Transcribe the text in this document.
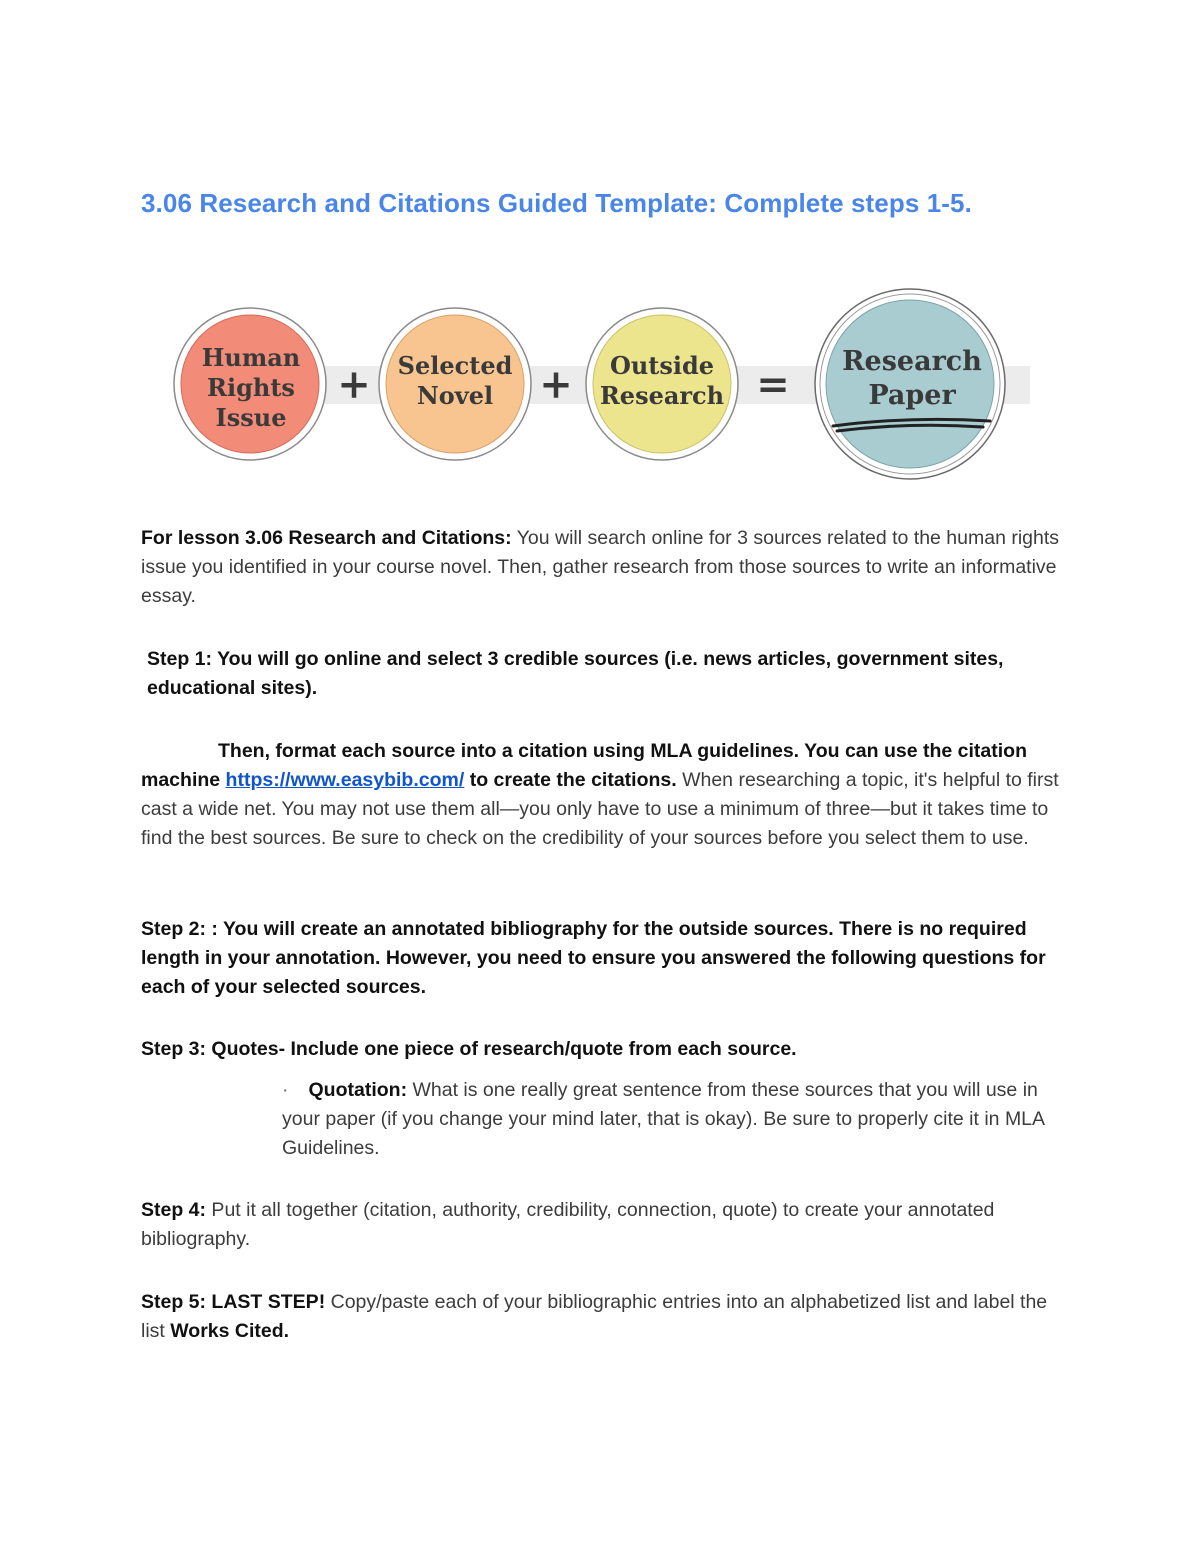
3.06 Research and Citations Guided Template: Complete steps 1-5.
Human
Rights
Issue
+ Selected
Novel + Outside
Research = Research
Paper

For lesson 3.06 Research and Citations: You will search online for 3 sources related to the human rights issue you identified in your course novel. Then, gather research from those sources to write an informative essay.

Step 1: You will go online and select 3 credible sources (i.e. news articles, government sites, educational sites).

Then, format each source into a citation using MLA guidelines. You can use the citation machine https://www.easybib.com/ to create the citations. When researching a topic, it's helpful to first cast a wide net. You may not use them all—you only have to use a minimum of three—but it takes time to find the best sources. Be sure to check on the credibility of your sources before you select them to use.

Step 2: : You will create an annotated bibliography for the outside sources. There is no required length in your annotation. However, you need to ensure you answered the following questions for each of your selected sources.

Step 3: Quotes- Include one piece of research/quote from each source.

· Quotation: What is one really great sentence from these sources that you will use in your paper (if you change your mind later, that is okay). Be sure to properly cite it in MLA Guidelines.

Step 4: Put it all together (citation, authority, credibility, connection, quote) to create your annotated bibliography.

Step 5: LAST STEP! Copy/paste each of your bibliographic entries into an alphabetized list and label the list Works Cited.
